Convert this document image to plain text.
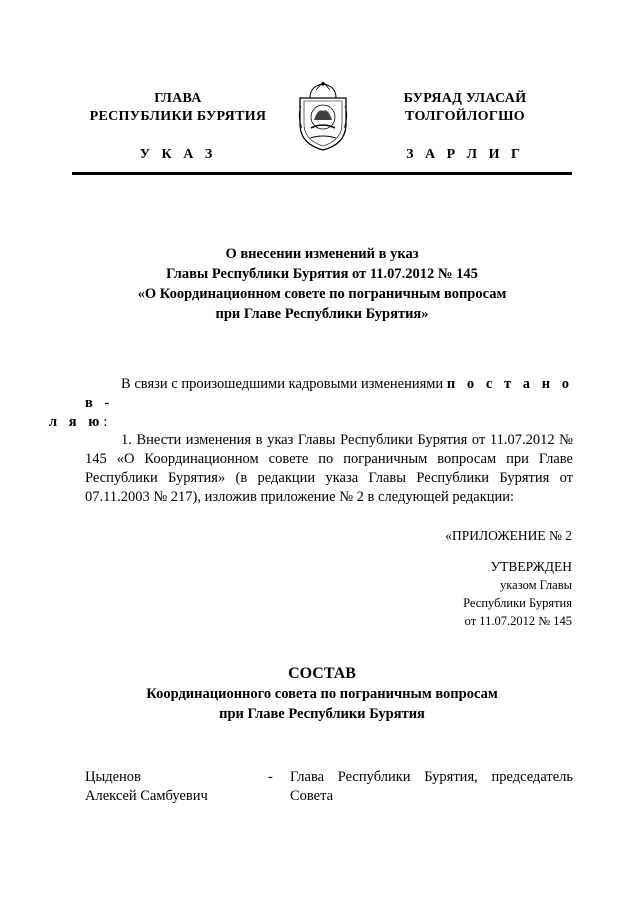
ГЛАВА
РЕСПУБЛИКИ БУРЯТИЯ
У К А З
БУРЯАД УЛАСАЙ
ТОЛГОЙЛОГШО
З А Р Л И Г
О внесении изменений в указ
Главы Республики Бурятия от 11.07.2012 № 145
«О Координационном совете по пограничным вопросам
при Главе Республики Бурятия»
В связи с произошедшими кадровыми изменениями п о с т а н о в -
л я ю:
1. Внести изменения в указ Главы Республики Бурятия от 11.07.2012 № 145 «О Координационном совете по пограничным вопросам при Главе Республики Бурятия» (в редакции указа Главы Республики Бурятия от 07.11.2003 № 217), изложив приложение № 2 в следующей редакции:
«ПРИЛОЖЕНИЕ № 2
УТВЕРЖДЕН
указом Главы
Республики Бурятия
от 11.07.2012 № 145
СОСТАВ
Координационного совета по пограничным вопросам
при Главе Республики Бурятия
Цыденов
Алексей Самбуевич
- Глава Республики Бурятия, председатель Совета
